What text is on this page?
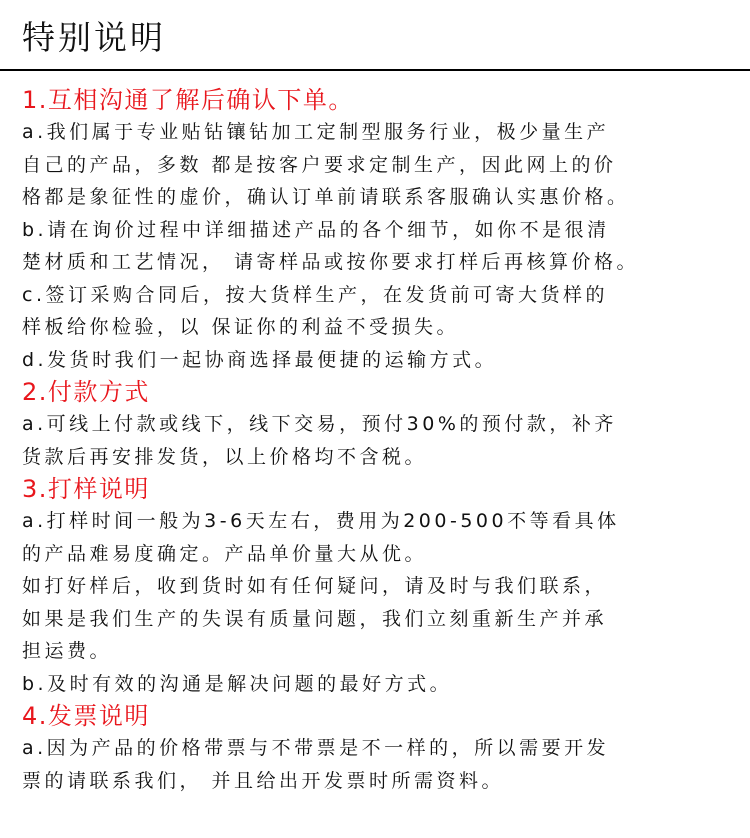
特别说明
1.互相沟通了解后确认下单。
a.我们属于专业贴钻镶钻加工定制型服务行业，极少量生产
自己的产品，多数 都是按客户要求定制生产，因此网上的价
格都是象征性的虚价，确认订单前请联系客服确认实惠价格。
b.请在询价过程中详细描述产品的各个细节，如你不是很清
楚材质和工艺情况， 请寄样品或按你要求打样后再核算价格。
c.签订采购合同后，按大货样生产，在发货前可寄大货样的
样板给你检验，以 保证你的利益不受损失。
d.发货时我们一起协商选择最便捷的运输方式。
2.付款方式
a.可线上付款或线下，线下交易，预付30%的预付款，补齐
货款后再安排发货，以上价格均不含税。
3.打样说明
a.打样时间一般为3-6天左右，费用为200-500不等看具体
的产品难易度确定。产品单价量大从优。
如打好样后，收到货时如有任何疑问，请及时与我们联系，
如果是我们生产的失误有质量问题，我们立刻重新生产并承
担运费。
b.及时有效的沟通是解决问题的最好方式。
4.发票说明
a.因为产品的价格带票与不带票是不一样的，所以需要开发
票的请联系我们， 并且给出开发票时所需资料。
